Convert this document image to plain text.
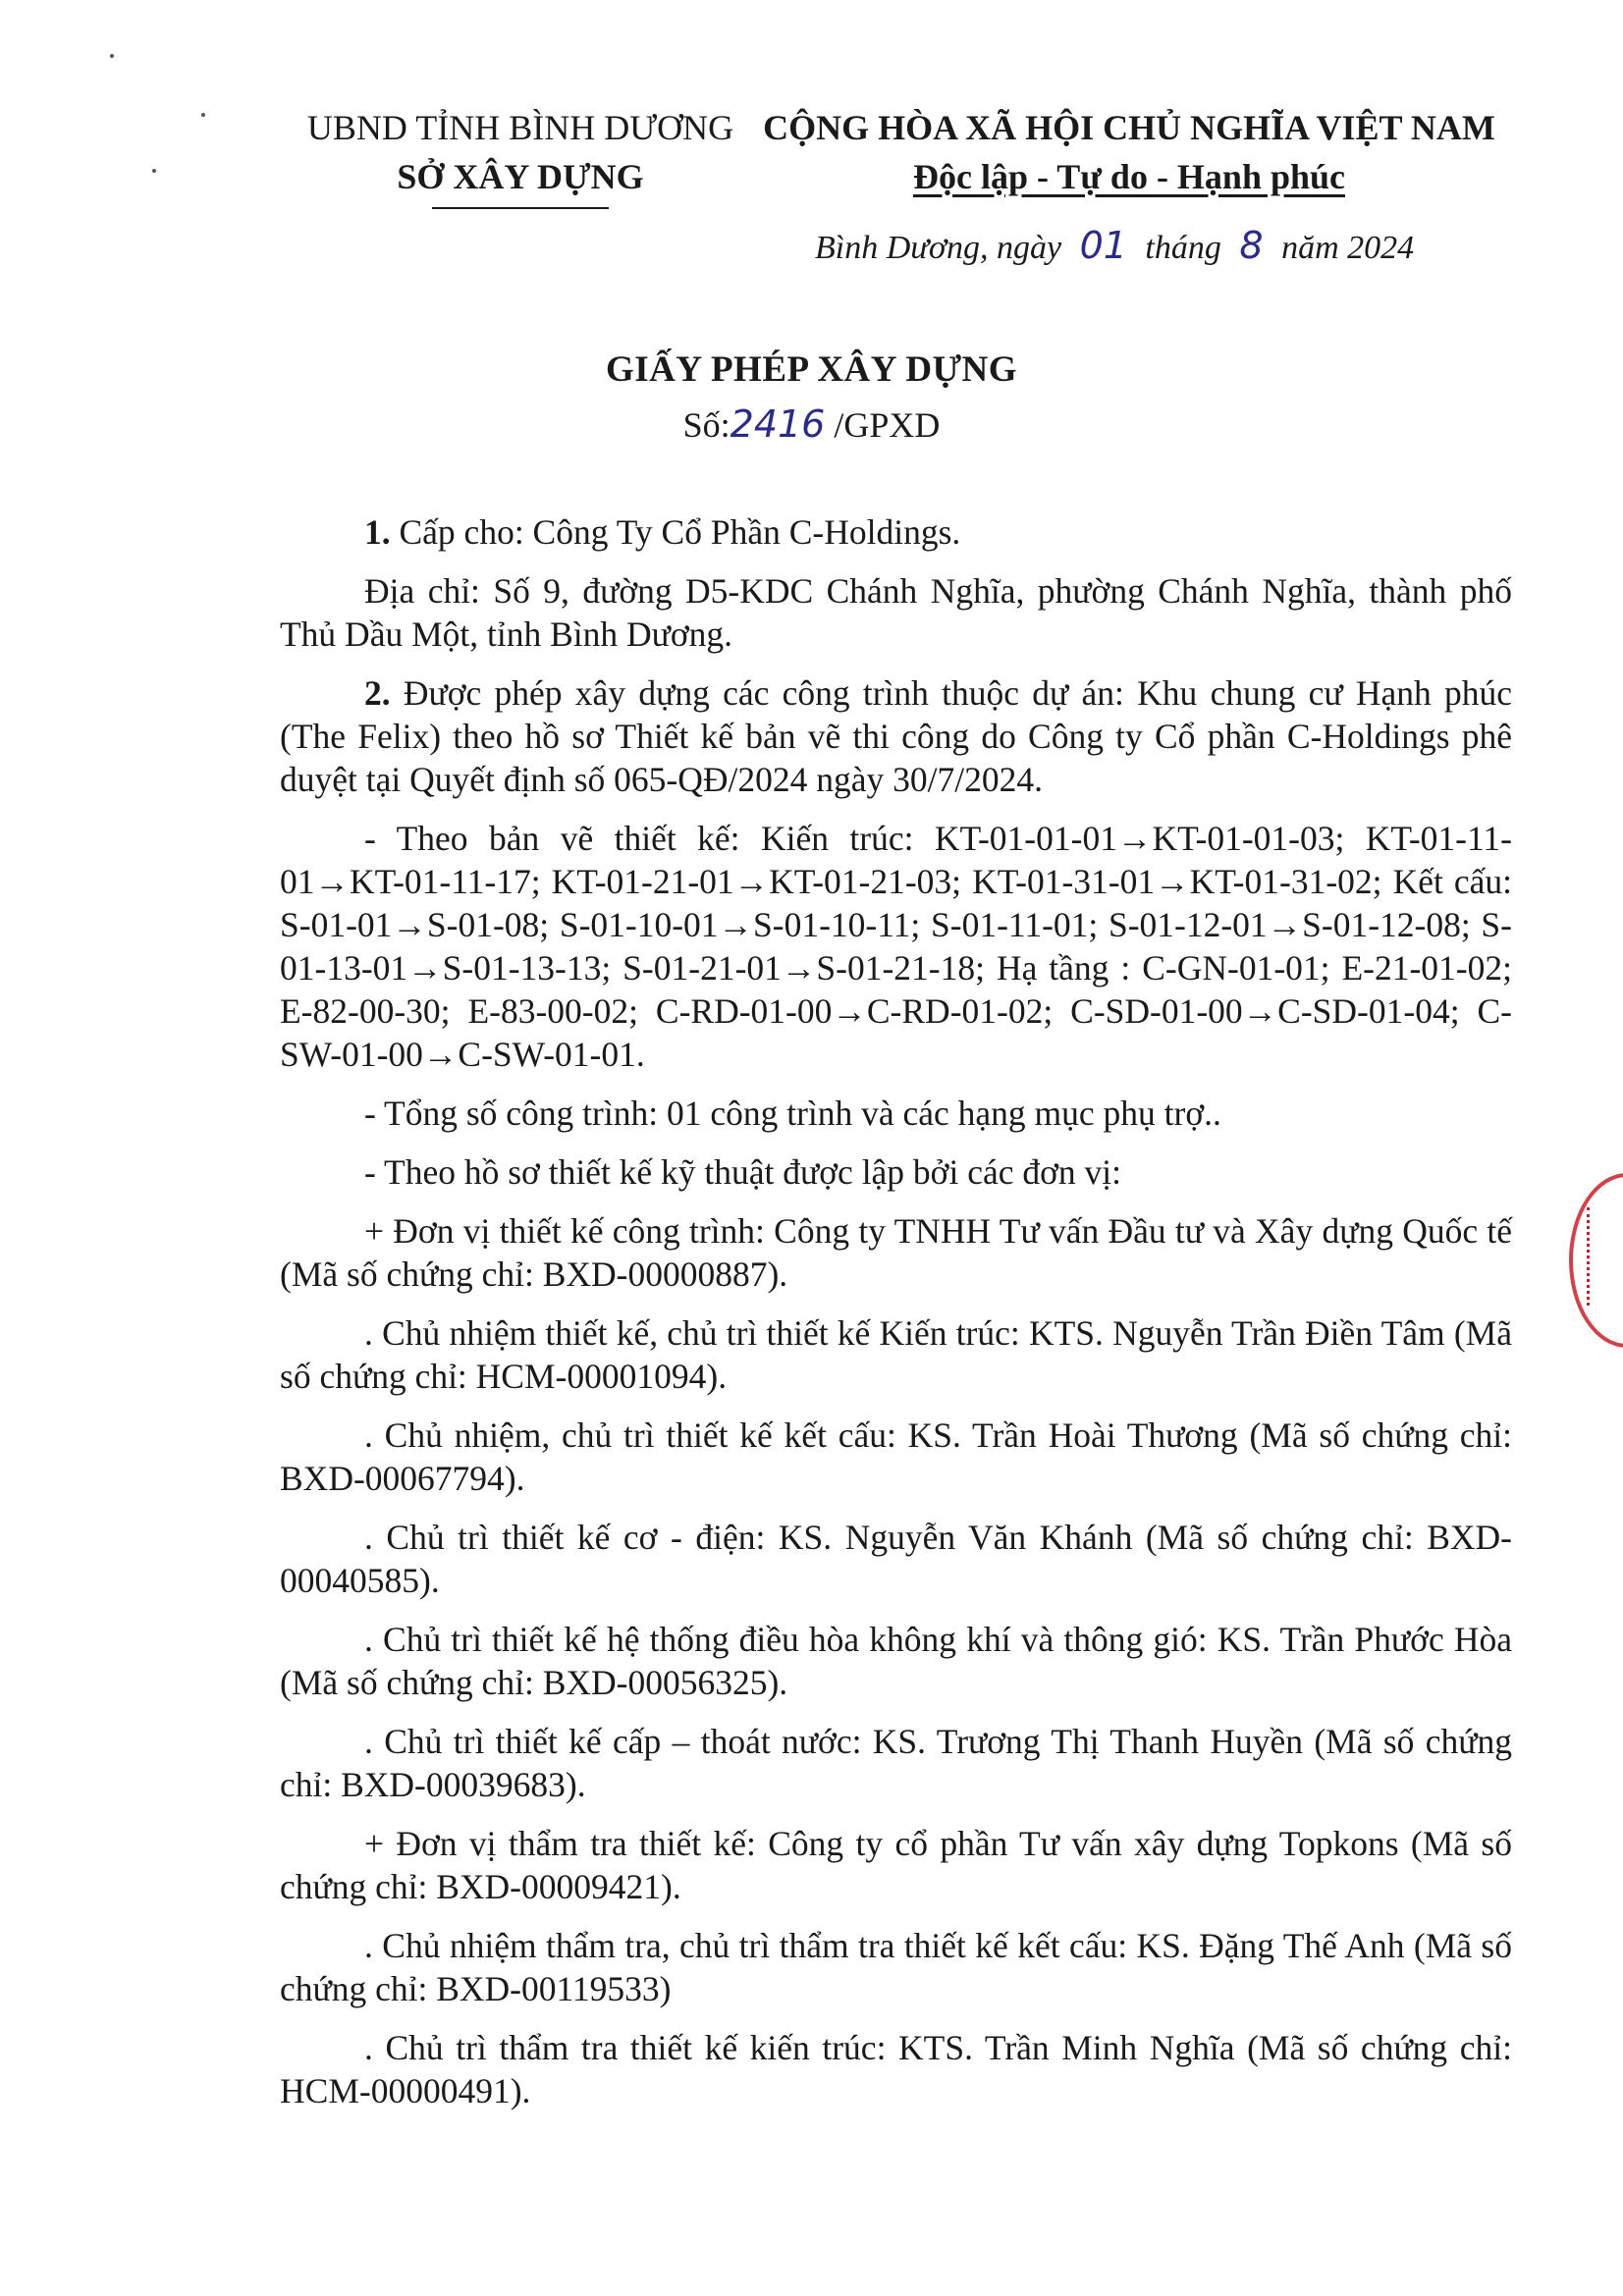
UBND TỈNH BÌNH DƯƠNG
SỞ XÂY DỰNG
CỘNG HÒA XÃ HỘI CHỦ NGHĨA VIỆT NAM
Độc lập - Tự do - Hạnh phúc
Bình Dương, ngày 01 tháng 8 năm 2024
GIẤY PHÉP XÂY DỰNG
Số:2416 /GPXD

1. Cấp cho: Công Ty Cổ Phần C-Holdings.

Địa chỉ: Số 9, đường D5-KDC Chánh Nghĩa, phường Chánh Nghĩa, thành phố Thủ Dầu Một, tỉnh Bình Dương.

2. Được phép xây dựng các công trình thuộc dự án: Khu chung cư Hạnh phúc (The Felix) theo hồ sơ Thiết kế bản vẽ thi công do Công ty Cổ phần C-Holdings phê duyệt tại Quyết định số 065-QĐ/2024 ngày 30/7/2024.

- Theo bản vẽ thiết kế: Kiến trúc: KT-01-01-01→KT-01-01-03; KT-01-11-01→KT-01-11-17; KT-01-21-01→KT-01-21-03; KT-01-31-01→KT-01-31-02; Kết cấu: S-01-01→S-01-08; S-01-10-01→S-01-10-11; S-01-11-01; S-01-12-01→S-01-12-08; S-01-13-01→S-01-13-13; S-01-21-01→S-01-21-18; Hạ tầng : C-GN-01-01; E-21-01-02; E-82-00-30; E-83-00-02; C-RD-01-00→C-RD-01-02; C-SD-01-00→C-SD-01-04; C-SW-01-00→C-SW-01-01.

- Tổng số công trình: 01 công trình và các hạng mục phụ trợ..

- Theo hồ sơ thiết kế kỹ thuật được lập bởi các đơn vị:

+ Đơn vị thiết kế công trình: Công ty TNHH Tư vấn Đầu tư và Xây dựng Quốc tế (Mã số chứng chỉ: BXD-00000887).

. Chủ nhiệm thiết kế, chủ trì thiết kế Kiến trúc: KTS. Nguyễn Trần Điền Tâm (Mã số chứng chỉ: HCM-00001094).

. Chủ nhiệm, chủ trì thiết kế kết cấu: KS. Trần Hoài Thương (Mã số chứng chỉ: BXD-00067794).

. Chủ trì thiết kế cơ - điện: KS. Nguyễn Văn Khánh (Mã số chứng chỉ: BXD-00040585).

. Chủ trì thiết kế hệ thống điều hòa không khí và thông gió: KS. Trần Phước Hòa (Mã số chứng chỉ: BXD-00056325).

. Chủ trì thiết kế cấp – thoát nước: KS. Trương Thị Thanh Huyền (Mã số chứng chỉ: BXD-00039683).

+ Đơn vị thẩm tra thiết kế: Công ty cổ phần Tư vấn xây dựng Topkons (Mã số chứng chỉ: BXD-00009421).

. Chủ nhiệm thẩm tra, chủ trì thẩm tra thiết kế kết cấu: KS. Đặng Thế Anh (Mã số chứng chỉ: BXD-00119533)

. Chủ trì thẩm tra thiết kế kiến trúc: KTS. Trần Minh Nghĩa (Mã số chứng chỉ: HCM-00000491).
